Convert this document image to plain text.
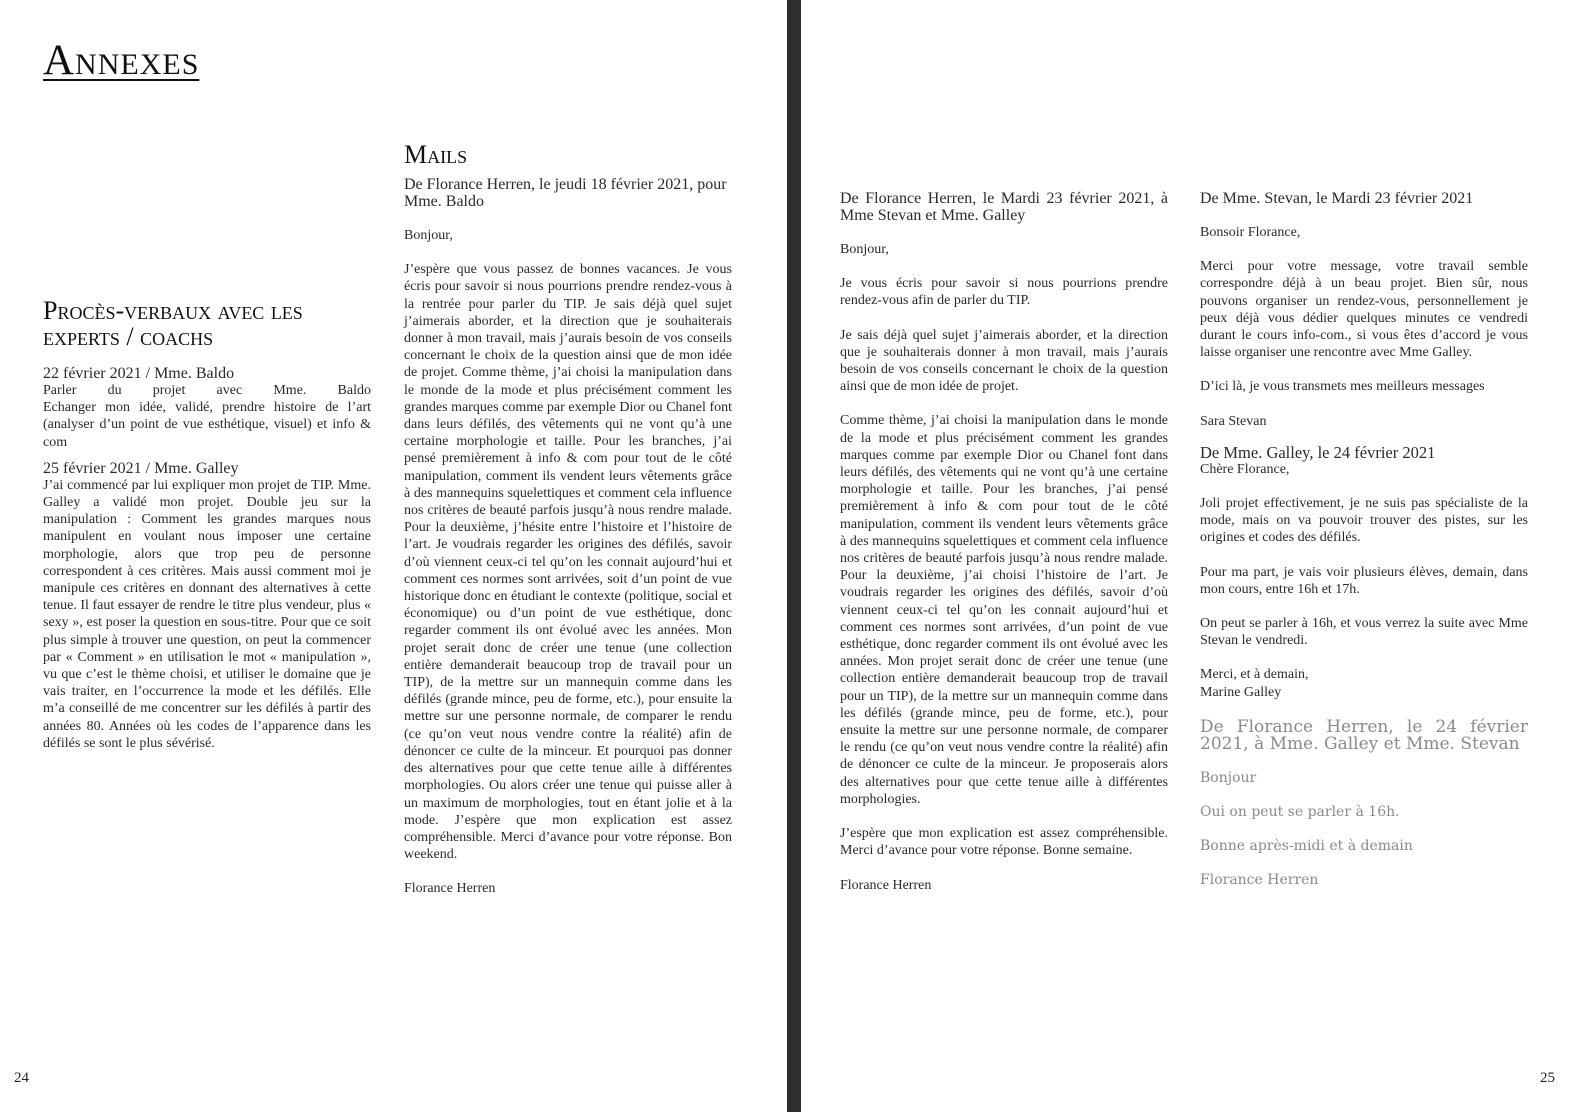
Annexes
Procès-verbaux avec les experts / coachs

22 février 2021 / Mme. Baldo

Parler du projet avec Mme. Baldo

Echanger mon idée, validé, prendre histoire de l’art (analyser d’un point de vue esthétique, visuel) et info & com

25 février 2021 / Mme. Galley

J’ai commencé par lui expliquer mon projet de TIP. Mme. Galley a validé mon projet. Double jeu sur la manipulation : Comment les grandes marques nous manipulent en voulant nous imposer une certaine morphologie, alors que trop peu de personne correspondent à ces critères. Mais aussi comment moi je manipule ces critères en donnant des alternatives à cette tenue. Il faut essayer de rendre le titre plus vendeur, plus « sexy », est poser la question en sous-titre. Pour que ce soit plus simple à trouver une question, on peut la commencer par « Comment » en utilisation le mot « manipulation », vu que c’est le thème choisi, et utiliser le domaine que je vais traiter, en l’occurrence la mode et les défilés. Elle m’a conseillé de me concentrer sur les défilés à partir des années 80. Années où les codes de l’apparence dans les défilés se sont le plus sévérisé.

Mails

De Florance Herren, le jeudi 18 février 2021, pour Mme. Baldo

Bonjour,

J’espère que vous passez de bonnes vacances. Je vous écris pour savoir si nous pourrions prendre rendez-vous à la rentrée pour parler du TIP. Je sais déjà quel sujet j’aimerais aborder, et la direction que je souhaiterais donner à mon travail, mais j’aurais besoin de vos conseils concernant le choix de la question ainsi que de mon idée de projet. Comme thème, j’ai choisi la manipulation dans le monde de la mode et plus précisément comment les grandes marques comme par exemple Dior ou Chanel font dans leurs défilés, des vêtements qui ne vont qu’à une certaine morphologie et taille. Pour les branches, j’ai pensé premièrement à info & com pour tout de le côté manipulation, comment ils vendent leurs vêtements grâce à des mannequins squelettiques et comment cela influence nos critères de beauté parfois jusqu’à nous rendre malade. Pour la deuxième, j’hésite entre l’histoire et l’histoire de l’art. Je voudrais regarder les origines des défilés, savoir d’où viennent ceux-ci tel qu’on les connait aujourd’hui et comment ces normes sont arrivées, soit d’un point de vue historique donc en étudiant le contexte (politique, social et économique) ou d’un point de vue esthétique, donc regarder comment ils ont évolué avec les années. Mon projet serait donc de créer une tenue (une collection entière demanderait beaucoup trop de travail pour un TIP), de la mettre sur un mannequin comme dans les défilés (grande mince, peu de forme, etc.), pour ensuite la mettre sur une personne normale, de comparer le rendu (ce qu’on veut nous vendre contre la réalité) afin de dénoncer ce culte de la minceur. Et pourquoi pas donner des alternatives pour que cette tenue aille à différentes morphologies. Ou alors créer une tenue qui puisse aller à un maximum de morphologies, tout en étant jolie et à la mode. J’espère que mon explication est assez compréhensible. Merci d’avance pour votre réponse. Bon weekend.

Florance Herren

24

De Florance Herren, le Mardi 23 février 2021, à Mme Stevan et Mme. Galley

Bonjour,

Je vous écris pour savoir si nous pourrions prendre rendez-vous afin de parler du TIP.

Je sais déjà quel sujet j’aimerais aborder, et la direction que je souhaiterais donner à mon travail, mais j’aurais besoin de vos conseils concernant le choix de la question ainsi que de mon idée de projet.

Comme thème, j’ai choisi la manipulation dans le monde de la mode et plus précisément comment les grandes marques comme par exemple Dior ou Chanel font dans leurs défilés, des vêtements qui ne vont qu’à une certaine morphologie et taille. Pour les branches, j’ai pensé premièrement à info & com pour tout de le côté manipulation, comment ils vendent leurs vêtements grâce à des mannequins squelettiques et comment cela influence nos critères de beauté parfois jusqu’à nous rendre malade. Pour la deuxième, j’ai choisi l’histoire de l’art. Je voudrais regarder les origines des défilés, savoir d’où viennent ceux-ci tel qu’on les connait aujourd’hui et comment ces normes sont arrivées, d’un point de vue esthétique, donc regarder comment ils ont évolué avec les années. Mon projet serait donc de créer une tenue (une collection entière demanderait beaucoup trop de travail pour un TIP), de la mettre sur un mannequin comme dans les défilés (grande mince, peu de forme, etc.), pour ensuite la mettre sur une personne normale, de comparer le rendu (ce qu’on veut nous vendre contre la réalité) afin de dénoncer ce culte de la minceur. Je proposerais alors des alternatives pour que cette tenue aille à différentes morphologies.

J’espère que mon explication est assez compréhensible. Merci d’avance pour votre réponse. Bonne semaine.

Florance Herren

De Mme. Stevan, le Mardi 23 février 2021

Bonsoir Florance,

Merci pour votre message, votre travail semble correspondre déjà à un beau projet. Bien sûr, nous pouvons organiser un rendez-vous, personnellement je peux déjà vous dédier quelques minutes ce vendredi durant le cours info-com., si vous êtes d’accord je vous laisse organiser une rencontre avec Mme Galley.

D’ici là, je vous transmets mes meilleurs messages

Sara Stevan

De Mme. Galley, le 24 février 2021

Chère Florance,

Joli projet effectivement, je ne suis pas spécialiste de la mode, mais on va pouvoir trouver des pistes, sur les origines et codes des défilés.

Pour ma part, je vais voir plusieurs élèves, demain, dans mon cours, entre 16h et 17h.

On peut se parler à 16h, et vous verrez la suite avec Mme Stevan le vendredi.

Merci, et à demain,

Marine Galley

De Florance Herren, le 24 février 2021, à Mme. Galley et Mme. Stevan

Bonjour

Oui on peut se parler à 16h.

Bonne après-midi et à demain

Florance Herren

25
